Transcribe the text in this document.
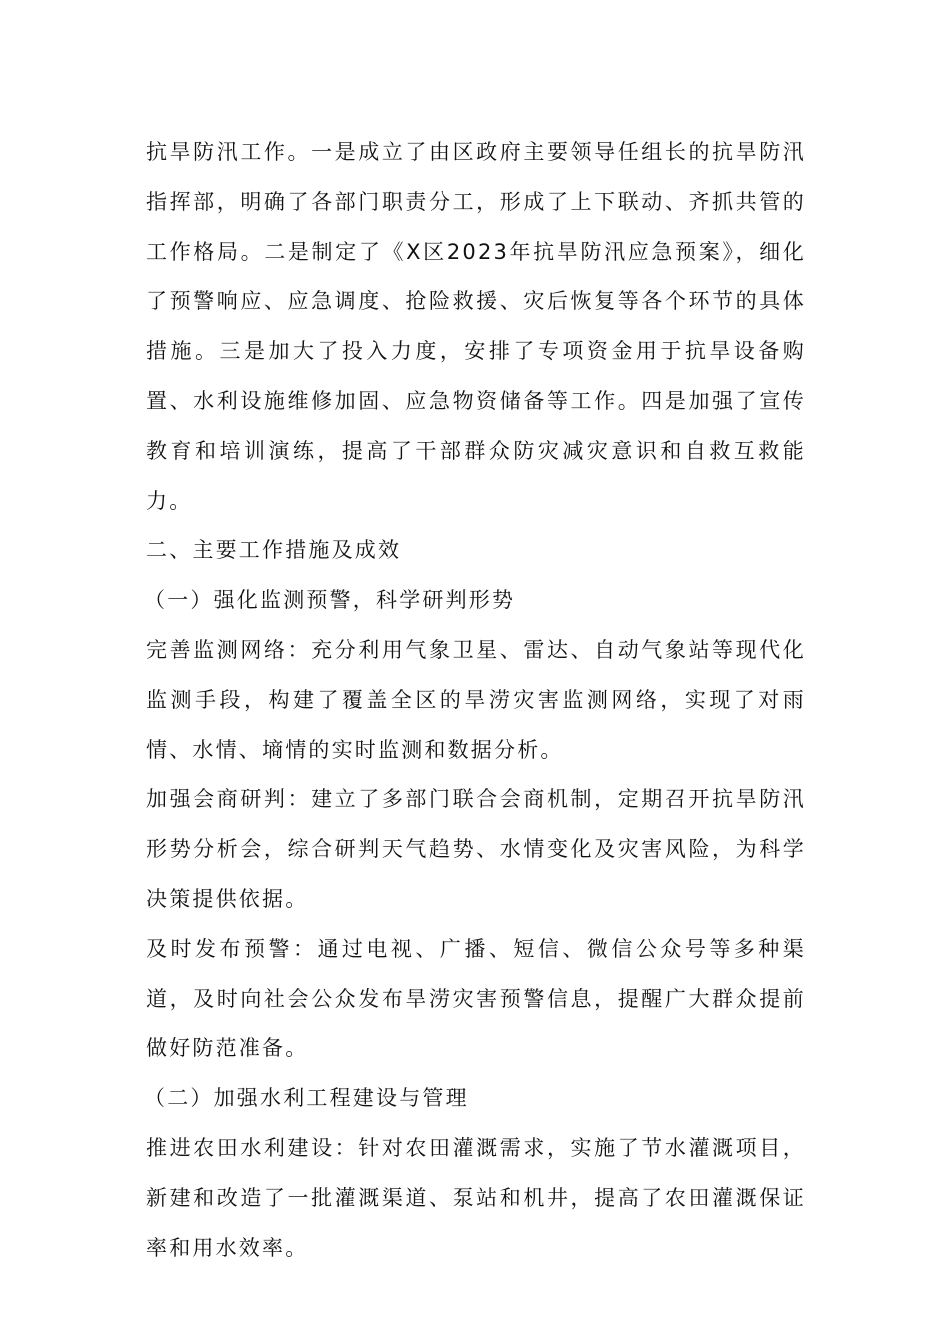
抗旱防汛工作。一是成立了由区政府主要领导任组长的抗旱防汛指挥部，明确了各部门职责分工，形成了上下联动、齐抓共管的工作格局。二是制定了《X区2023年抗旱防汛应急预案》，细化了预警响应、应急调度、抢险救援、灾后恢复等各个环节的具体措施。三是加大了投入力度，安排了专项资金用于抗旱设备购置、水利设施维修加固、应急物资储备等工作。四是加强了宣传教育和培训演练，提高了干部群众防灾减灾意识和自救互救能力。

二、主要工作措施及成效

（一）强化监测预警，科学研判形势

完善监测网络：充分利用气象卫星、雷达、自动气象站等现代化监测手段，构建了覆盖全区的旱涝灾害监测网络，实现了对雨情、水情、墒情的实时监测和数据分析。

加强会商研判：建立了多部门联合会商机制，定期召开抗旱防汛形势分析会，综合研判天气趋势、水情变化及灾害风险，为科学决策提供依据。

及时发布预警：通过电视、广播、短信、微信公众号等多种渠道，及时向社会公众发布旱涝灾害预警信息，提醒广大群众提前做好防范准备。

（二）加强水利工程建设与管理

推进农田水利建设：针对农田灌溉需求，实施了节水灌溉项目，新建和改造了一批灌溉渠道、泵站和机井，提高了农田灌溉保证率和用水效率。
